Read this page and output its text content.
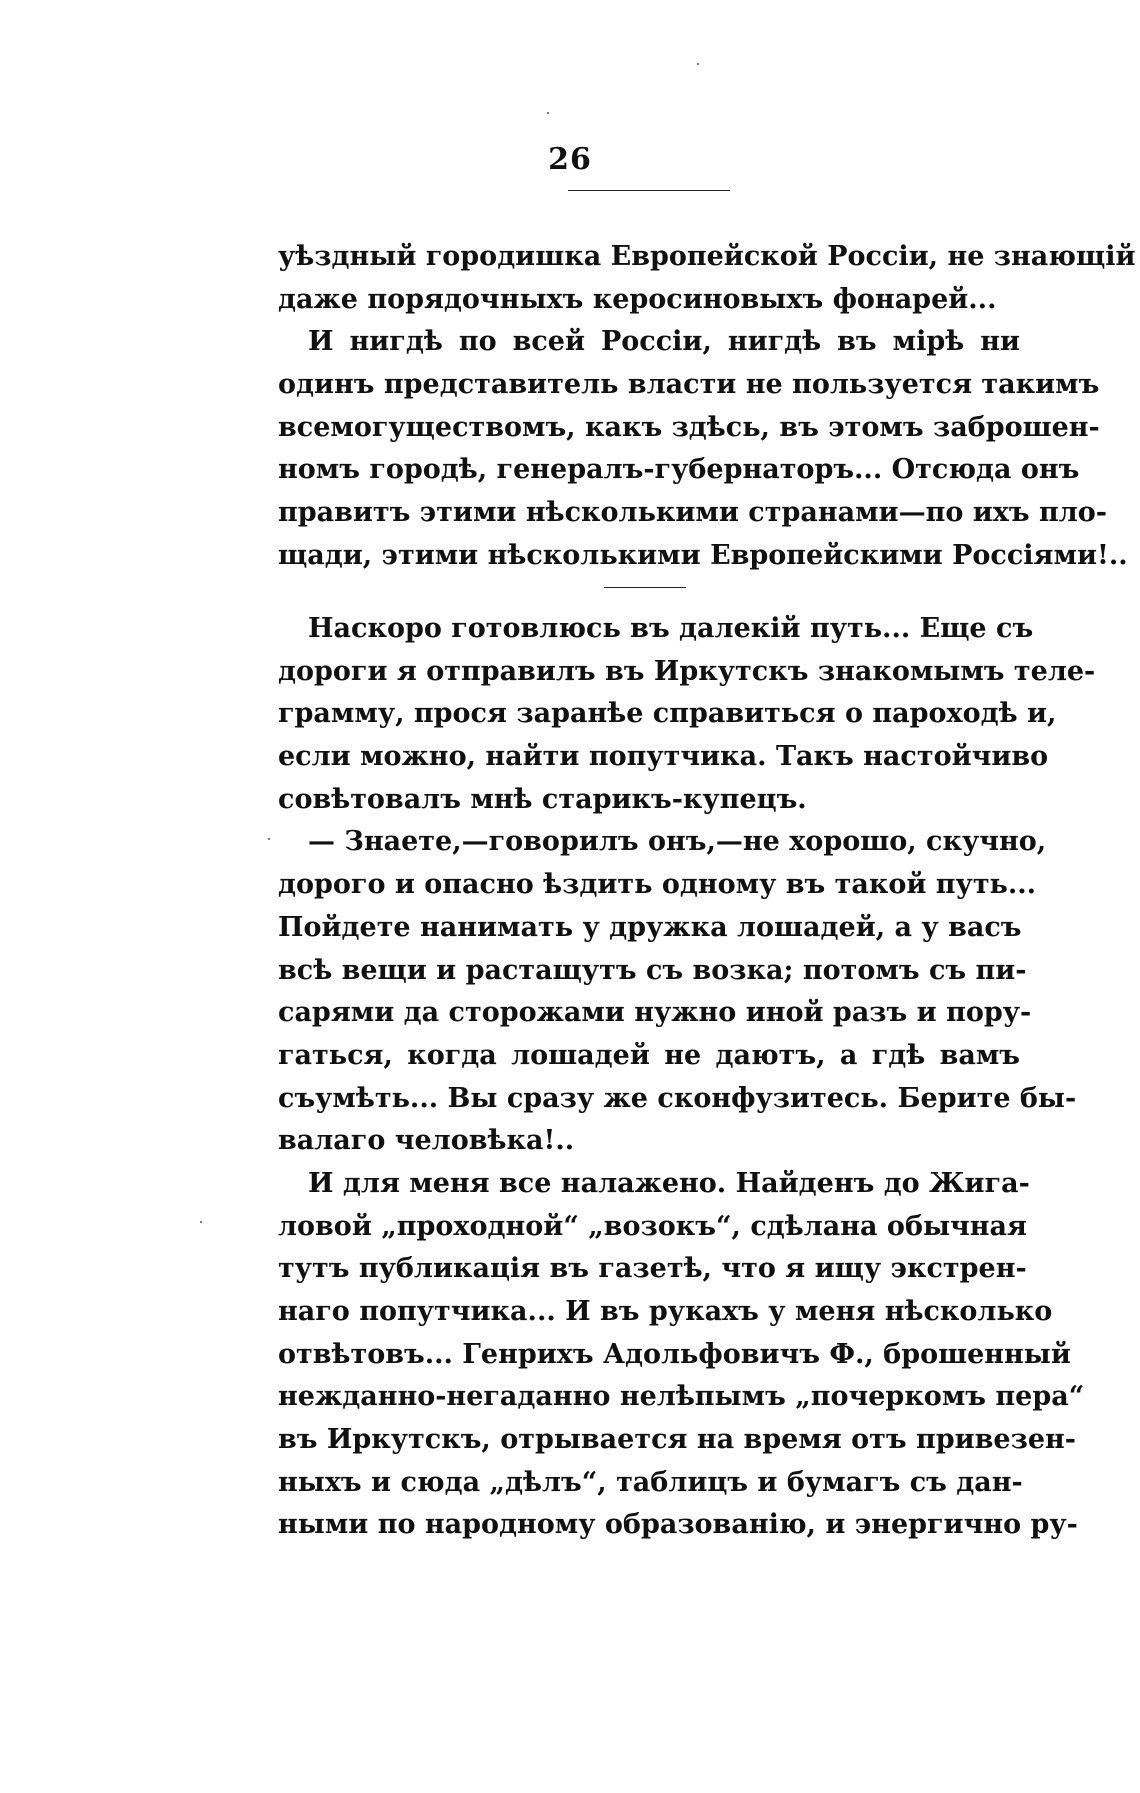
26
уѣздный городишка Европейской Россіи, не знающій
даже порядочныхъ керосиновыхъ фонарей...
И нигдѣ по всей Россіи, нигдѣ въ мірѣ ни
одинъ представитель власти не пользуется такимъ
всемогуществомъ, какъ здѣсь, въ этомъ заброшен-
номъ городѣ, генералъ-губернаторъ... Отсюда онъ
правитъ этими нѣсколькими странами—по ихъ пло-
щади, этими нѣсколькими Европейскими Россіями!..
Наскоро готовлюсь въ далекій путь... Еще съ
дороги я отправилъ въ Иркутскъ знакомымъ теле-
грамму, прося заранѣе справиться о пароходѣ и,
если можно, найти попутчика. Такъ настойчиво
совѣтовалъ мнѣ старикъ-купецъ.
— Знаете,—говорилъ онъ,—не хорошо, скучно,
дорого и опасно ѣздить одному въ такой путь...
Пойдете нанимать у дружка лошадей, а у васъ
всѣ вещи и растащутъ съ возка; потомъ съ пи-
сарями да сторожами нужно иной разъ и пору-
гаться, когда лошадей не даютъ, а гдѣ вамъ
съумѣть... Вы сразу же сконфузитесь. Берите бы-
валаго человѣка!..
И для меня все налажено. Найденъ до Жига-
ловой „проходной“ „возокъ“, сдѣлана обычная
тутъ публикація въ газетѣ, что я ищу экстрен-
наго попутчика... И въ рукахъ у меня нѣсколько
отвѣтовъ... Генрихъ Адольфовичъ Ф., брошенный
нежданно-негаданно нелѣпымъ „почеркомъ пера“
въ Иркутскъ, отрывается на время отъ привезен-
ныхъ и сюда „дѣлъ“, таблицъ и бумагъ съ дан-
ными по народному образованію, и энергично ру-
